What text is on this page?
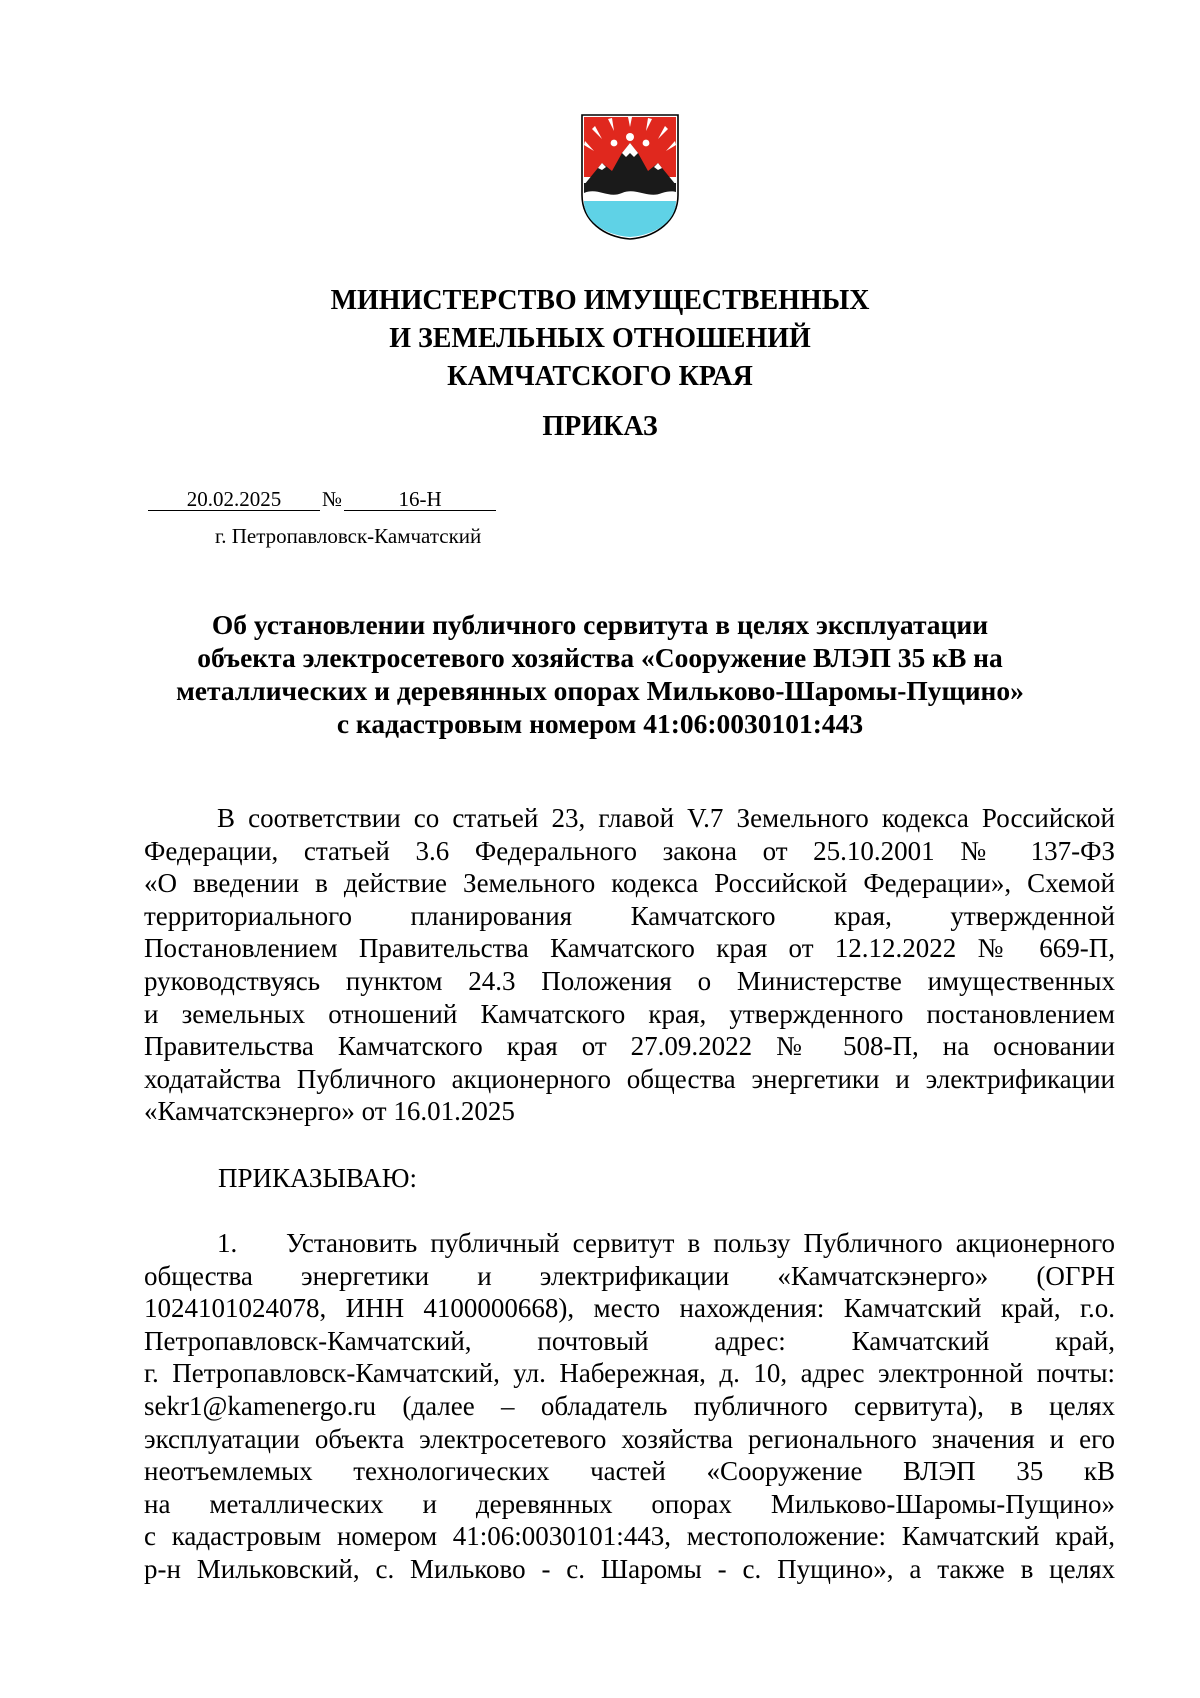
МИНИСТЕРСТВО ИМУЩЕСТВЕННЫХ
И ЗЕМЕЛЬНЫХ ОТНОШЕНИЙ
КАМЧАТСКОГО КРАЯ
ПРИКАЗ
20.02.2025 №	16-Н
г. Петропавловск-Камчатский
Об установлении публичного сервитута в целях эксплуатации
объекта электросетевого хозяйства «Сооружение ВЛЭП 35 кВ на
металлических и деревянных опорах Мильково-Шаромы-Пущино»
с кадастровым номером 41:06:0030101:443
В соответствии со статьей 23, главой V.7 Земельного кодекса Российской
Федерации, статьей 3.6 Федерального закона от 25.10.2001 № 137-ФЗ
«О введении в действие Земельного кодекса Российской Федерации», Схемой
территориального планирования Камчатского края, утвержденной
Постановлением Правительства Камчатского края от 12.12.2022 № 669-П,
руководствуясь пунктом 24.3 Положения о Министерстве имущественных
и земельных отношений Камчатского края, утвержденного постановлением
Правительства Камчатского края от 27.09.2022 № 508-П, на основании
ходатайства Публичного акционерного общества энергетики и электрификации
«Камчатскэнерго» от 16.01.2025
ПРИКАЗЫВАЮ:
1. Установить публичный сервитут в пользу Публичного акционерного
общества энергетики и электрификации «Камчатскэнерго» (ОГРН
1024101024078, ИНН 4100000668), место нахождения: Камчатский край, г.о.
Петропавловск-Камчатский, почтовый адрес: Камчатский край,
г. Петропавловск-Камчатский, ул. Набережная, д. 10, адрес электронной почты:
sekr1@kamenergo.ru (далее – обладатель публичного сервитута), в целях
эксплуатации объекта электросетевого хозяйства регионального значения и его
неотъемлемых технологических частей «Сооружение ВЛЭП 35 кВ
на металлических и деревянных опорах Мильково-Шаромы-Пущино»
с кадастровым номером 41:06:0030101:443, местоположение: Камчатский край,
р-н Мильковский, с. Мильково - с. Шаромы - с. Пущино», а также в целях
